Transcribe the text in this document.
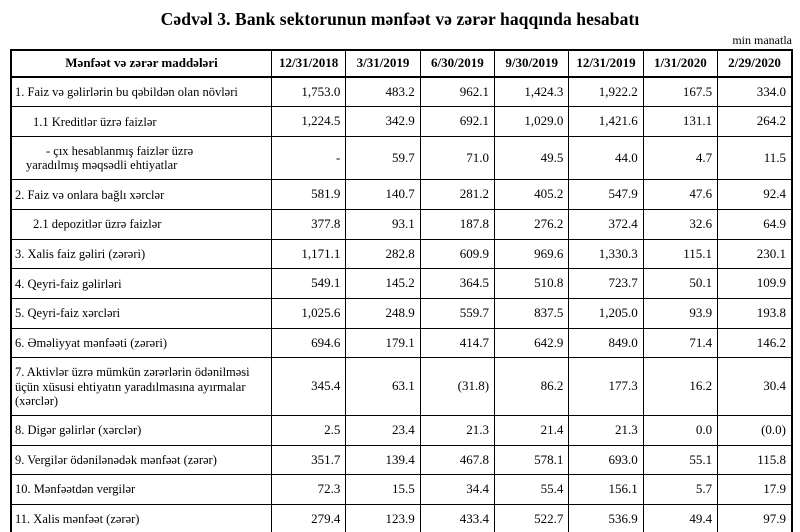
Cədvəl 3. Bank sektorunun mənfəət və zərər haqqında hesabatı
min manatla
Mənfəət və zərər maddələri	12/31/2018	3/31/2019	6/30/2019	9/30/2019	12/31/2019	1/31/2020	2/29/2020
1. Faiz və gəlirlərin bu qəbildən olan növləri	1,753.0	483.2	962.1	1,424.3	1,922.2	167.5	334.0
1.1 Kreditlər üzrə faizlər	1,224.5	342.9	692.1	1,029.0	1,421.6	131.1	264.2
- çıx hesablanmış faizlər üzrə yaradılmış məqsədli ehtiyatlar	-	59.7	71.0	49.5	44.0	4.7	11.5
2. Faiz və onlara bağlı xərclər	581.9	140.7	281.2	405.2	547.9	47.6	92.4
2.1 depozitlər üzrə faizlər	377.8	93.1	187.8	276.2	372.4	32.6	64.9
3. Xalis faiz gəliri (zərəri)	1,171.1	282.8	609.9	969.6	1,330.3	115.1	230.1
4. Qeyri-faiz gəlirləri	549.1	145.2	364.5	510.8	723.7	50.1	109.9
5. Qeyri-faiz xərcləri	1,025.6	248.9	559.7	837.5	1,205.0	93.9	193.8
6. Əməliyyat mənfəəti (zərəri)	694.6	179.1	414.7	642.9	849.0	71.4	146.2
7. Aktivlər üzrə mümkün zərərlərin ödənilməsi üçün xüsusi ehtiyatın yaradılmasına ayırmalar (xərclər)	345.4	63.1	(31.8)	86.2	177.3	16.2	30.4
8. Digər gəlirlər (xərclər)	2.5	23.4	21.3	21.4	21.3	0.0	(0.0)
9. Vergilər ödənilənədək mənfəət (zərər)	351.7	139.4	467.8	578.1	693.0	55.1	115.8
10. Mənfəətdən vergilər	72.3	15.5	34.4	55.4	156.1	5.7	17.9
11. Xalis mənfəət (zərər)	279.4	123.9	433.4	522.7	536.9	49.4	97.9
